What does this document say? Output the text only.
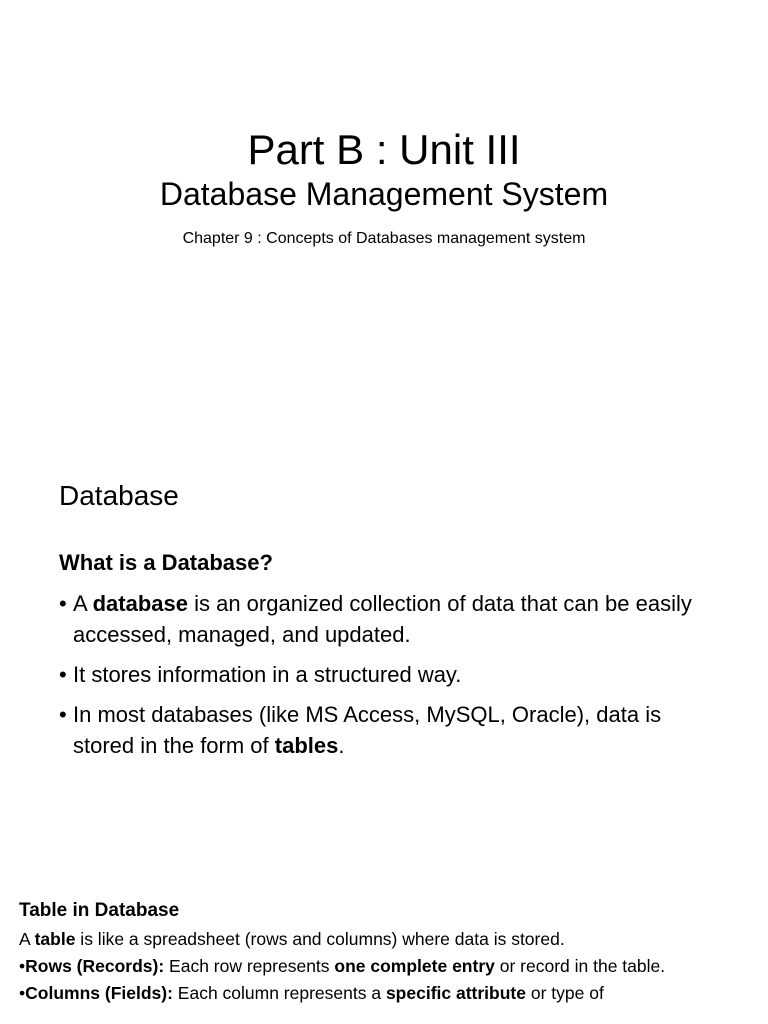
Part B : Unit III
Database Management System
Chapter 9 : Concepts of Databases management system
Database
What is a Database?
• A database is an organized collection of data that can be easily accessed, managed, and updated.
• It stores information in a structured way.
• In most databases (like MS Access, MySQL, Oracle), data is stored in the form of tables.
Table in Database
A table is like a spreadsheet (rows and columns) where data is stored.
•Rows (Records): Each row represents one complete entry or record in the table.
•Columns (Fields): Each column represents a specific attribute or type of
